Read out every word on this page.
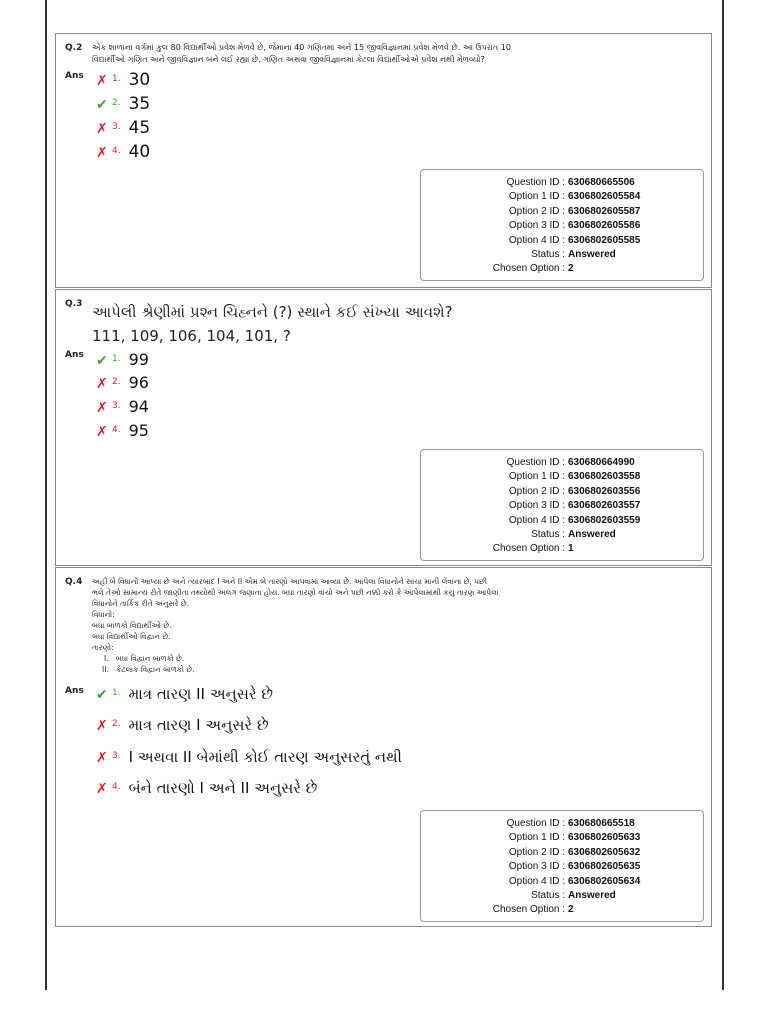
Q.2 એક શાળાના વર્ગમાં કુલ 80 વિદ્યાર્થીઓ પ્રવેશ મેળવે છે, જેમાના 40 ગણિતમાં અને 15 જીવવિજ્ઞાનમાં પ્રવેશ મેળવે છે. આ ઉપરાંત 10
વિદ્યાર્થીઓ ગણિત અને જીવવિજ્ઞાન બંને લઈ રહ્યા છે. ગણિત અથવા જીવવિજ્ઞાનમાં કેટલા વિદ્યાર્થીઓએ પ્રવેશ નથી મેળવ્યો?
Ans ✗ 1. 30
✔ 2. 35
✗ 3. 45
✗ 4. 40
Question ID : 630680665506
Option 1 ID : 6306802605584
Option 2 ID : 6306802605587
Option 3 ID : 6306802605586
Option 4 ID : 6306802605585
Status : Answered
Chosen Option : 2
Q.3 આપેલી શ્રેણીમાં પ્રશ્ન ચિહ્નને (?) સ્થાને કઈ સંખ્યા આવશે?
111, 109, 106, 104, 101, ?
Ans ✔ 1. 99
✗ 2. 96
✗ 3. 94
✗ 4. 95
Question ID : 630680664990
Option 1 ID : 6306802603558
Option 2 ID : 6306802603556
Option 3 ID : 6306802603557
Option 4 ID : 6306802603559
Status : Answered
Chosen Option : 1
Q.4 અહીં બે વિધાનો આપ્યા છે અને ત્યારબાદ I અને II એમ બે તારણો આપવામાં આવ્યા છે. આપેલા વિધાનોને સાચા માની લેવાના છે, પછી
ભલે તેઓ સામાન્ય રીતે જાણીતા તથ્યોથી અલગ જણાતા હોય. બધા તારણો વાંચો અને પછી નક્કી કરો કે આપેલામાંથી કયું તારણ આપેલા
વિધાનોને તાર્કિક રીતે અનુસરે છે.
વિધાનો:
બધા બાળકો વિદ્યાર્થીઓ છે.
બધા વિદ્યાર્થીઓ વિદ્વાન છે.
તારણો:
I. બધા વિદ્વાન બાળકો છે.
II. કેટલાક વિદ્વાન બાળકો છે.
Ans ✔ 1. માત્ર તારણ II અનુસરે છે
✗ 2. માત્ર તારણ I અનુસરે છે
✗ 3. I અથવા II બેમાંથી કોઈ તારણ અનુસરતું નથી
✗ 4. બંને તારણો I અને II અનુસરે છે
Question ID : 630680665518
Option 1 ID : 6306802605633
Option 2 ID : 6306802605632
Option 3 ID : 6306802605635
Option 4 ID : 6306802605634
Status : Answered
Chosen Option : 2
